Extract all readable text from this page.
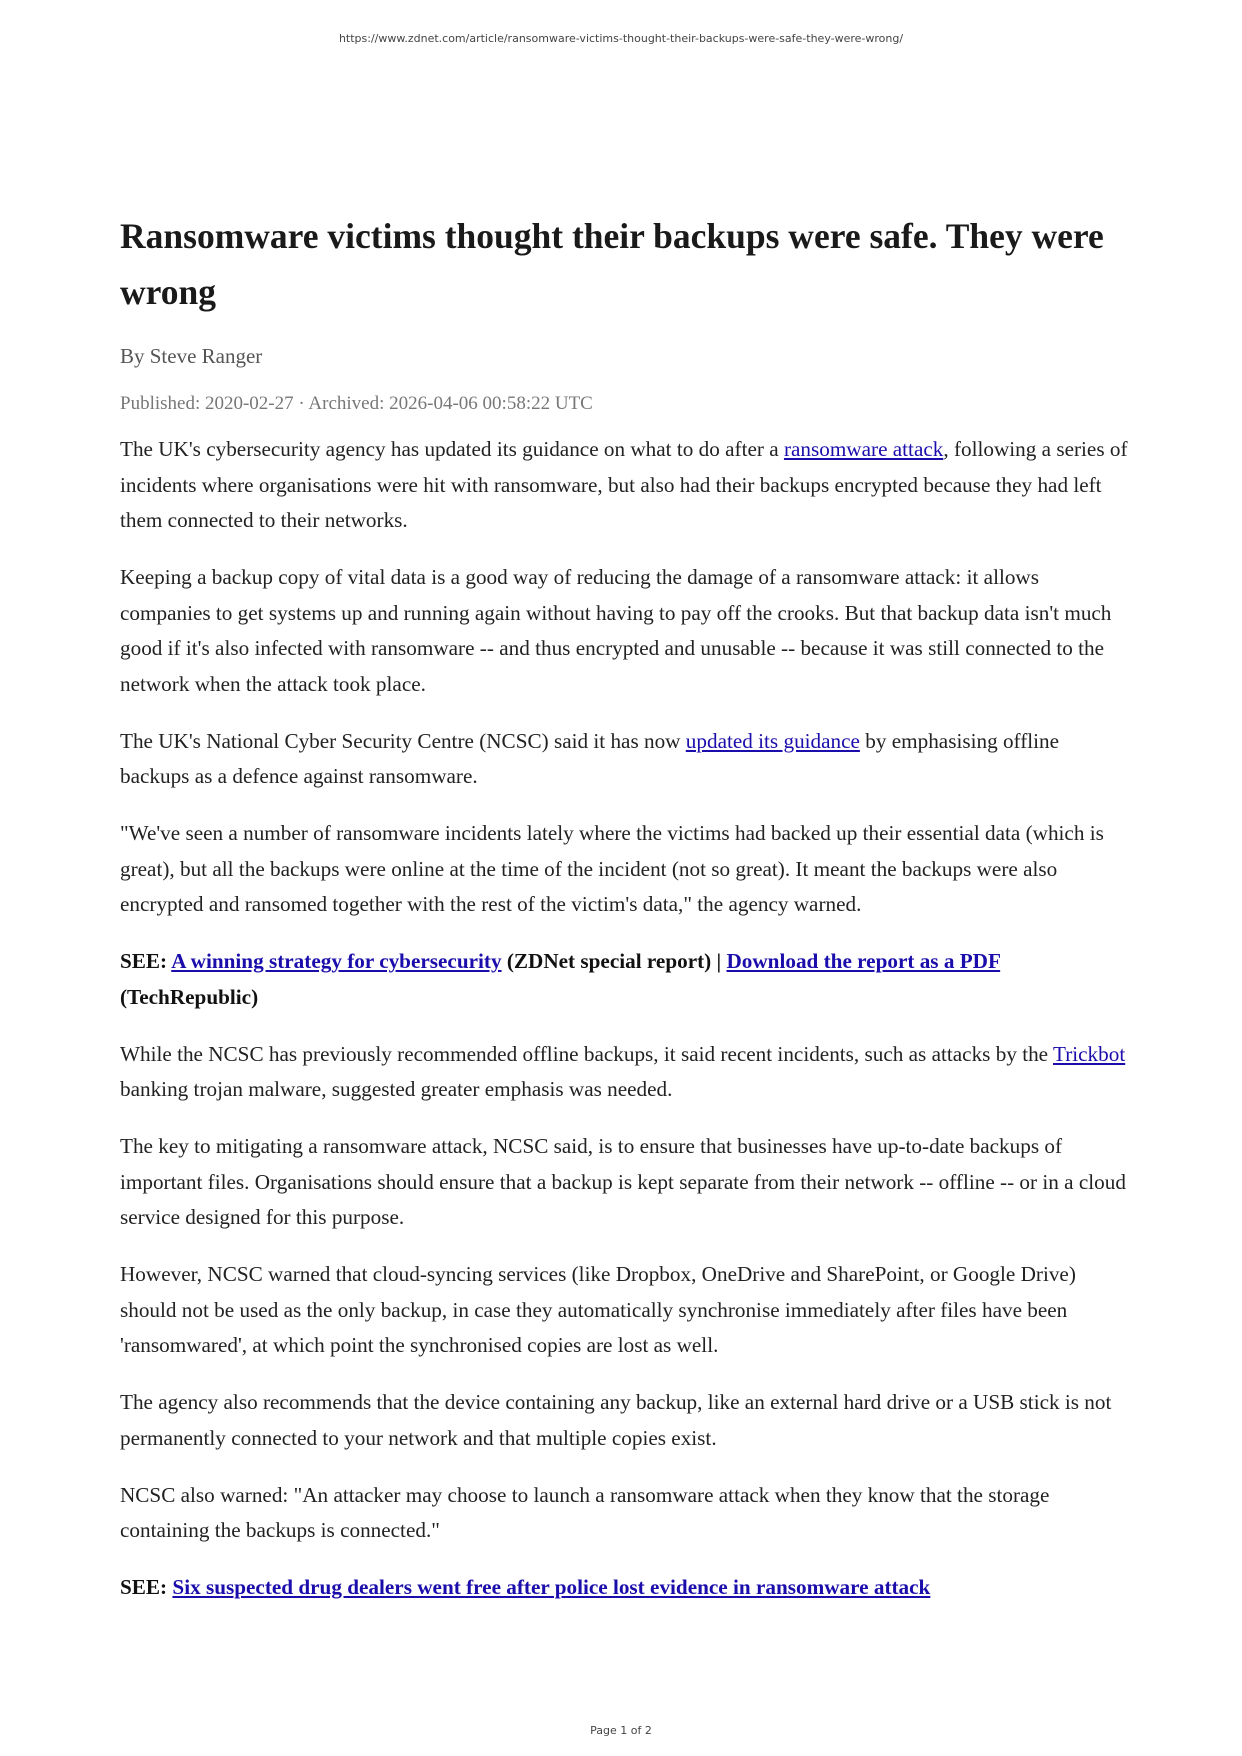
https://www.zdnet.com/article/ransomware-victims-thought-their-backups-were-safe-they-were-wrong/
Ransomware victims thought their backups were safe. They were wrong
By Steve Ranger
Published: 2020-02-27 · Archived: 2026-04-06 00:58:22 UTC

The UK's cybersecurity agency has updated its guidance on what to do after a ransomware attack, following a series of incidents where organisations were hit with ransomware, but also had their backups encrypted because they had left them connected to their networks.

Keeping a backup copy of vital data is a good way of reducing the damage of a ransomware attack: it allows companies to get systems up and running again without having to pay off the crooks. But that backup data isn't much good if it's also infected with ransomware -- and thus encrypted and unusable -- because it was still connected to the network when the attack took place.

The UK's National Cyber Security Centre (NCSC) said it has now updated its guidance by emphasising offline backups as a defence against ransomware.

"We've seen a number of ransomware incidents lately where the victims had backed up their essential data (which is great), but all the backups were online at the time of the incident (not so great). It meant the backups were also encrypted and ransomed together with the rest of the victim's data," the agency warned.

SEE: A winning strategy for cybersecurity (ZDNet special report) | Download the report as a PDF (TechRepublic)

While the NCSC has previously recommended offline backups, it said recent incidents, such as attacks by the Trickbot banking trojan malware, suggested greater emphasis was needed.

The key to mitigating a ransomware attack, NCSC said, is to ensure that businesses have up-to-date backups of important files. Organisations should ensure that a backup is kept separate from their network -- offline -- or in a cloud service designed for this purpose.

However, NCSC warned that cloud-syncing services (like Dropbox, OneDrive and SharePoint, or Google Drive) should not be used as the only backup, in case they automatically synchronise immediately after files have been 'ransomwared', at which point the synchronised copies are lost as well.

The agency also recommends that the device containing any backup, like an external hard drive or a USB stick is not permanently connected to your network and that multiple copies exist.

NCSC also warned: "An attacker may choose to launch a ransomware attack when they know that the storage containing the backups is connected."

SEE: Six suspected drug dealers went free after police lost evidence in ransomware attack

Page 1 of 2
